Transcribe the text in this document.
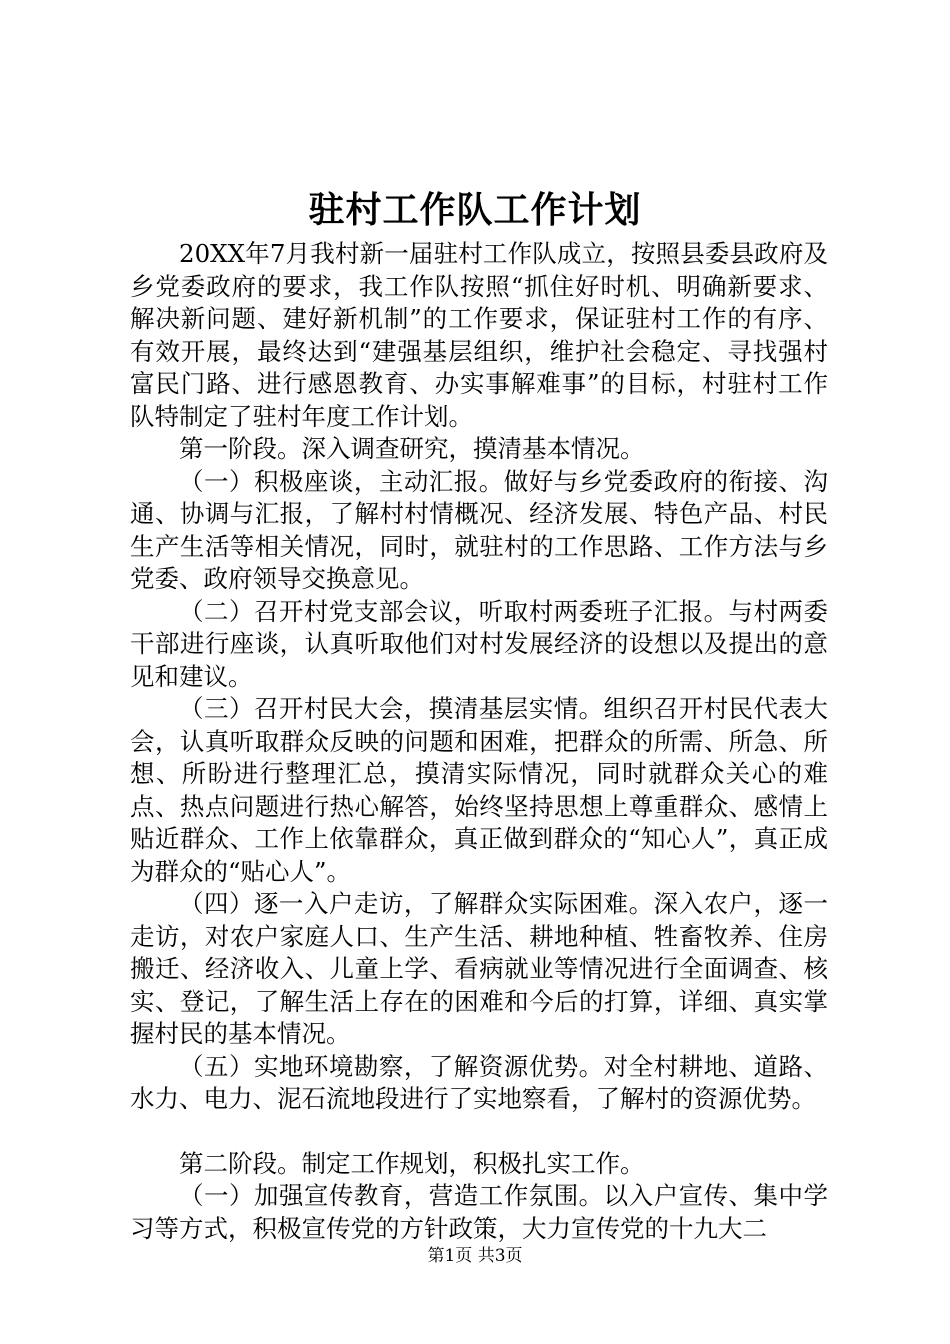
驻村工作队工作计划

20XX年7月我村新一届驻村工作队成立，按照县委县政府及乡党委政府的要求，我工作队按照“抓住好时机、明确新要求、解决新问题、建好新机制”的工作要求，保证驻村工作的有序、有效开展，最终达到“建强基层组织，维护社会稳定、寻找强村富民门路、进行感恩教育、办实事解难事”的目标，村驻村工作队特制定了驻村年度工作计划。

第一阶段。深入调查研究，摸清基本情况。

（一）积极座谈，主动汇报。做好与乡党委政府的衔接、沟通、协调与汇报，了解村村情概况、经济发展、特色产品、村民生产生活等相关情况，同时，就驻村的工作思路、工作方法与乡党委、政府领导交换意见。

（二）召开村党支部会议，听取村两委班子汇报。与村两委干部进行座谈，认真听取他们对村发展经济的设想以及提出的意见和建议。

（三）召开村民大会，摸清基层实情。组织召开村民代表大会，认真听取群众反映的问题和困难，把群众的所需、所急、所想、所盼进行整理汇总，摸清实际情况，同时就群众关心的难点、热点问题进行热心解答，始终坚持思想上尊重群众、感情上贴近群众、工作上依靠群众，真正做到群众的“知心人”，真正成为群众的“贴心人”。

（四）逐一入户走访，了解群众实际困难。深入农户，逐一走访，对农户家庭人口、生产生活、耕地种植、牲畜牧养、住房搬迁、经济收入、儿童上学、看病就业等情况进行全面调查、核实、登记，了解生活上存在的困难和今后的打算，详细、真实掌握村民的基本情况。

（五）实地环境勘察，了解资源优势。对全村耕地、道路、水力、电力、泥石流地段进行了实地察看，了解村的资源优势。

第二阶段。制定工作规划，积极扎实工作。

（一）加强宣传教育，营造工作氛围。以入户宣传、集中学习等方式，积极宣传党的方针政策，大力宣传党的十九大二

第1页 共3页
